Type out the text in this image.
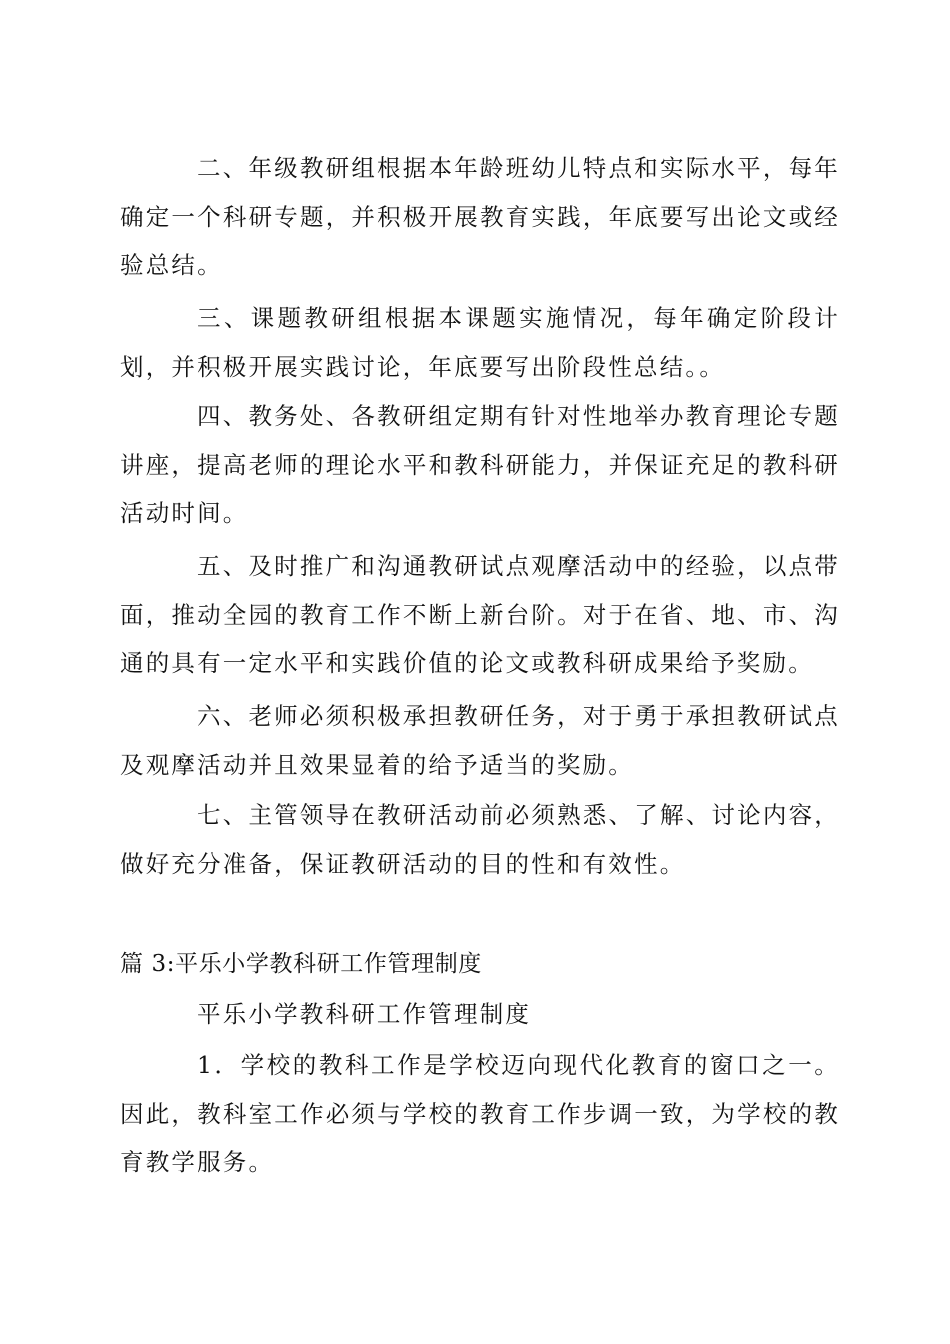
二、年级教研组根据本年龄班幼儿特点和实际水平，每年确定一个科研专题，并积极开展教育实践，年底要写出论文或经验总结。

三、课题教研组根据本课题实施情况，每年确定阶段计划，并积极开展实践讨论，年底要写出阶段性总结。。

四、教务处、各教研组定期有针对性地举办教育理论专题讲座，提高老师的理论水平和教科研能力，并保证充足的教科研活动时间。

五、及时推广和沟通教研试点观摩活动中的经验，以点带面，推动全园的教育工作不断上新台阶。对于在省、地、市、沟通的具有一定水平和实践价值的论文或教科研成果给予奖励。

六、老师必须积极承担教研任务，对于勇于承担教研试点及观摩活动并且效果显着的给予适当的奖励。

七、主管领导在教研活动前必须熟悉、了解、讨论内容，做好充分准备，保证教研活动的目的性和有效性。

篇 3:平乐小学教科研工作管理制度

平乐小学教科研工作管理制度

1．学校的教科工作是学校迈向现代化教育的窗口之一。因此，教科室工作必须与学校的教育工作步调一致，为学校的教育教学服务。
